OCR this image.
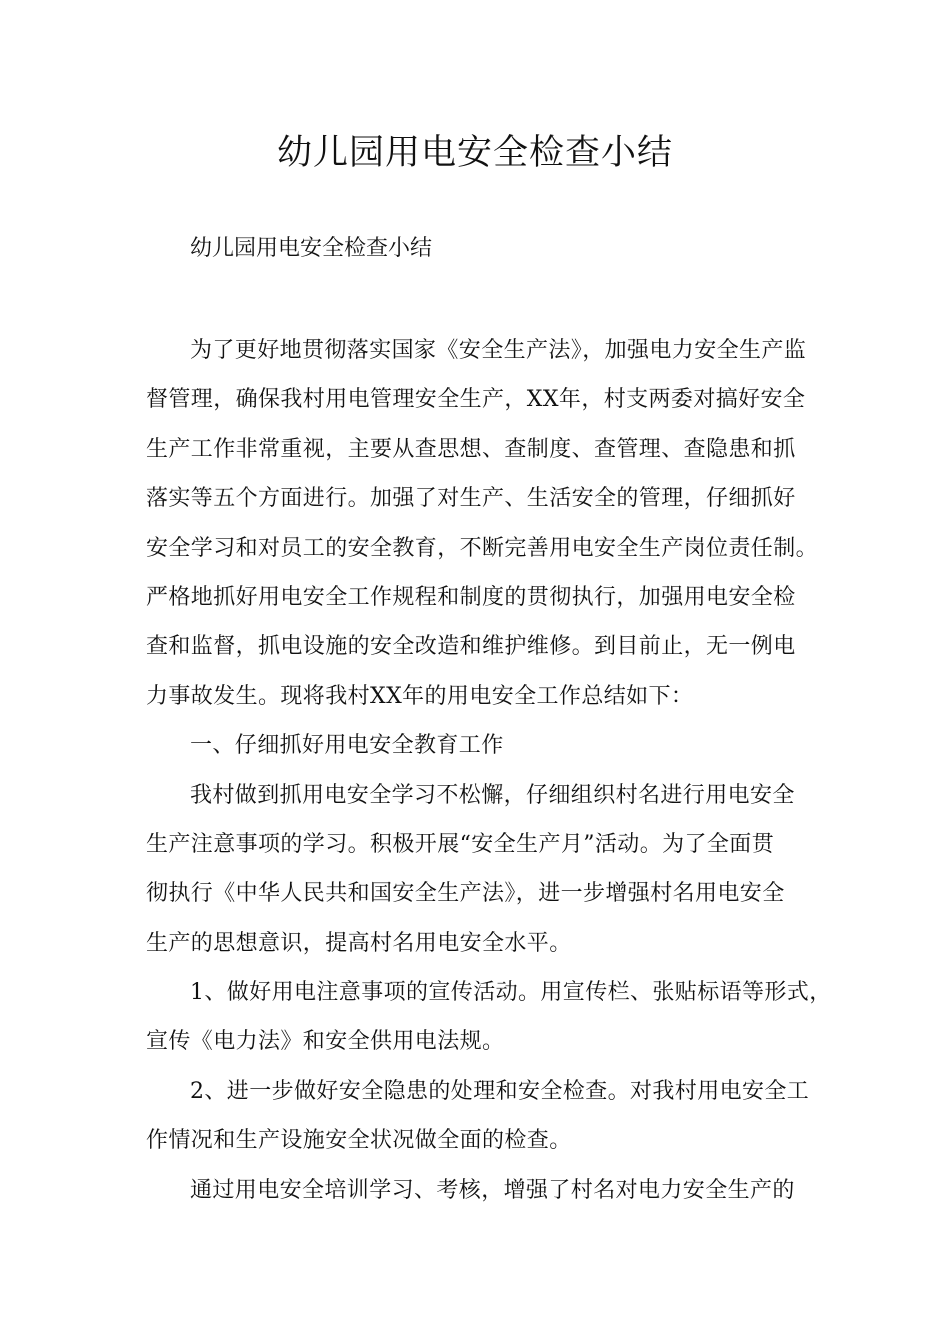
幼儿园用电安全检查小结

幼儿园用电安全检查小结

为了更好地贯彻落实国家《安全生产法》，加强电力安全生产监

督管理，确保我村用电管理安全生产，XX年，村支两委对搞好安全

生产工作非常重视，主要从查思想、查制度、查管理、查隐患和抓

落实等五个方面进行。加强了对生产、生活安全的管理，仔细抓好

安全学习和对员工的安全教育，不断完善用电安全生产岗位责任制。

严格地抓好用电安全工作规程和制度的贯彻执行，加强用电安全检

查和监督，抓电设施的安全改造和维护维修。到目前止，无一例电

力事故发生。现将我村XX年的用电安全工作总结如下：

一、仔细抓好用电安全教育工作

我村做到抓用电安全学习不松懈，仔细组织村名进行用电安全

生产注意事项的学习。积极开展“安全生产月”活动。为了全面贯

彻执行《中华人民共和国安全生产法》，进一步增强村名用电安全

生产的思想意识，提高村名用电安全水平。

1、做好用电注意事项的宣传活动。用宣传栏、张贴标语等形式，

宣传《电力法》和安全供用电法规。

2、进一步做好安全隐患的处理和安全检查。对我村用电安全工

作情况和生产设施安全状况做全面的检查。

通过用电安全培训学习、考核，增强了村名对电力安全生产的
